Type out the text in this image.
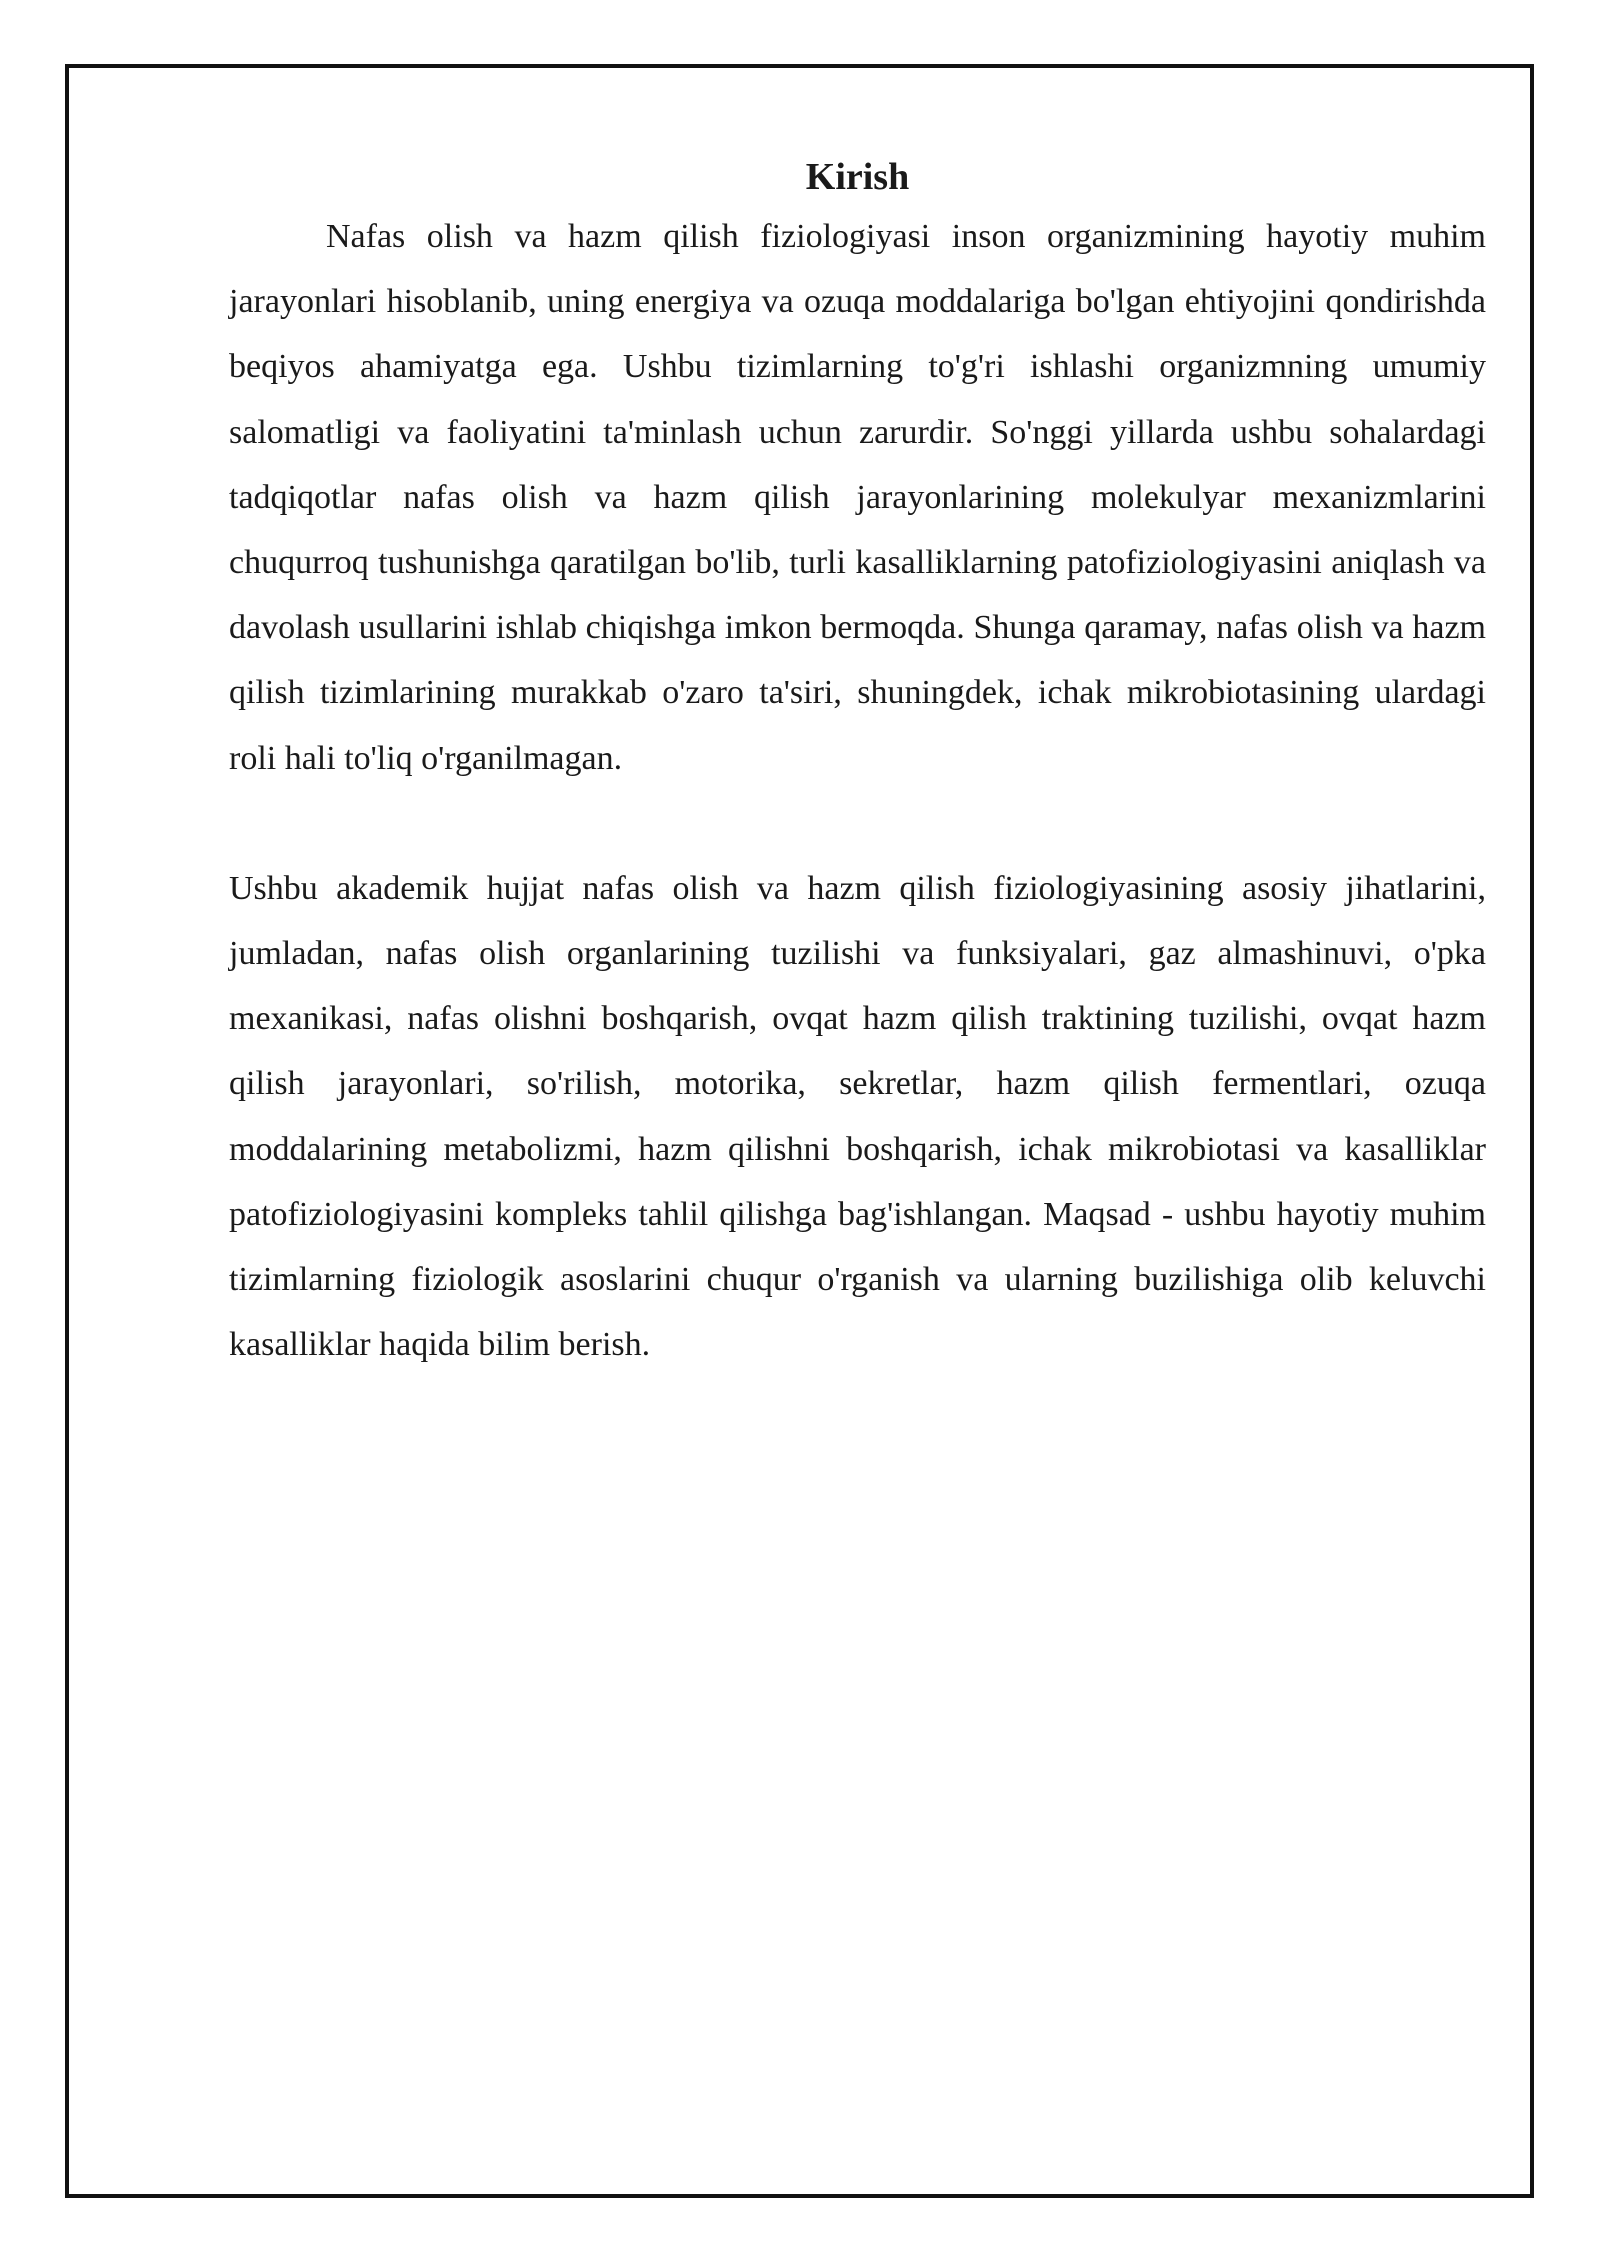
Kirish

Nafas olish va hazm qilish fiziologiyasi inson organizmining hayotiy muhim jarayonlari hisoblanib, uning energiya va ozuqa moddalariga bo'lgan ehtiyojini qondirishda beqiyos ahamiyatga ega. Ushbu tizimlarning to'g'ri ishlashi organizmning umumiy salomatligi va faoliyatini ta'minlash uchun zarurdir. So'nggi yillarda ushbu sohalardagi tadqiqotlar nafas olish va hazm qilish jarayonlarining molekulyar mexanizmlarini chuqurroq tushunishga qaratilgan bo'lib, turli kasalliklarning patofiziologiyasini aniqlash va davolash usullarini ishlab chiqishga imkon bermoqda. Shunga qaramay, nafas olish va hazm qilish tizimlarining murakkab o'zaro ta'siri, shuningdek, ichak mikrobiotasining ulardagi roli hali to'liq o'rganilmagan.

Ushbu akademik hujjat nafas olish va hazm qilish fiziologiyasining asosiy jihatlarini, jumladan, nafas olish organlarining tuzilishi va funksiyalari, gaz almashinuvi, o'pka mexanikasi, nafas olishni boshqarish, ovqat hazm qilish traktining tuzilishi, ovqat hazm qilish jarayonlari, so'rilish, motorika, sekretlar, hazm qilish fermentlari, ozuqa moddalarining metabolizmi, hazm qilishni boshqarish, ichak mikrobiotasi va kasalliklar patofiziologiyasini kompleks tahlil qilishga bag'ishlangan. Maqsad - ushbu hayotiy muhim tizimlarning fiziologik asoslarini chuqur o'rganish va ularning buzilishiga olib keluvchi kasalliklar haqida bilim berish.
